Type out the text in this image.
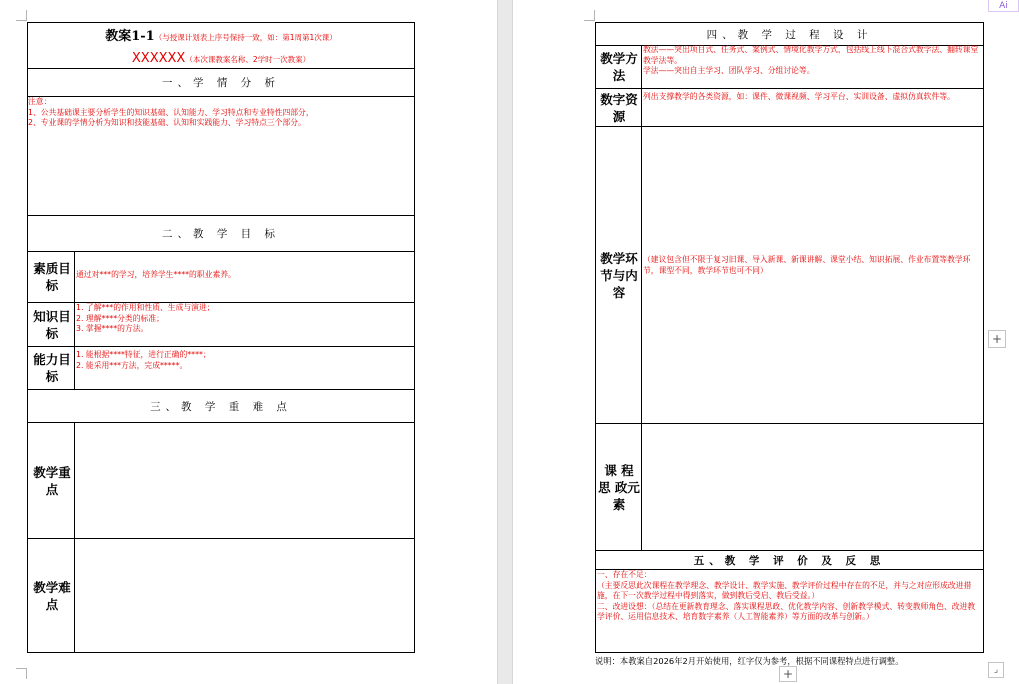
教案1-1（与授课计划表上序号保持一致，如：第1周第1次课）
XXXXXX（本次课教案名称、2学时一次教案）
一、学 情 分 析
注意：
1、公共基础课主要分析学生的知识基础、认知能力、学习特点和专业特性四部分，
2、专业课的学情分析为知识和技能基础、认知和实践能力、学习特点三个部分。
二、教 学 目 标
素质目标
通过对***的学习，培养学生****的职业素养。
知识目标
1. 了解***的作用和性质、生成与演进；
2. 理解****分类的标准；
3. 掌握****的方法。
能力目标
1. 能根据****特征，进行正确的****；
2. 能采用***方法，完成*****。
三、教 学 重 难 点
教学重点
教学难点
四、教 学 过 程 设 计
教学方法
教法——突出项目式、任务式、案例式、情境化教学方式，包括线上线下混合式教学法、翻转课堂教学法等。
学法——突出自主学习、团队学习、分组讨论等。
数字资源
列出支撑教学的各类资源，如：课件、微课视频、学习平台、实训设备、虚拟仿真软件等。
教学环节与内容
（建议包含但不限于复习旧课、导入新课、新课讲解、课堂小结、知识拓展、作业布置等教学环节，课型不同，教学环节也可不同）
课 程 思 政元素
五、教 学 评 价 及 反 思
一、存在不足：
（主要反思此次课程在教学理念、教学设计、教学实施、教学评价过程中存在的不足，并与之对应形成改进措施，在下一次教学过程中得到落实，做到教后受启、教后受益。）
二、改进设想：（总结在更新教育理念、落实课程思政、优化教学内容、创新教学模式、转变教师角色、改进教学评价、运用信息技术、培育数字素养（人工智能素养）等方面的改革与创新。）
说明：本教案自2026年2月开始使用，红字仅为参考，根据不同课程特点进行调整。
Ai
+
+	⌟
